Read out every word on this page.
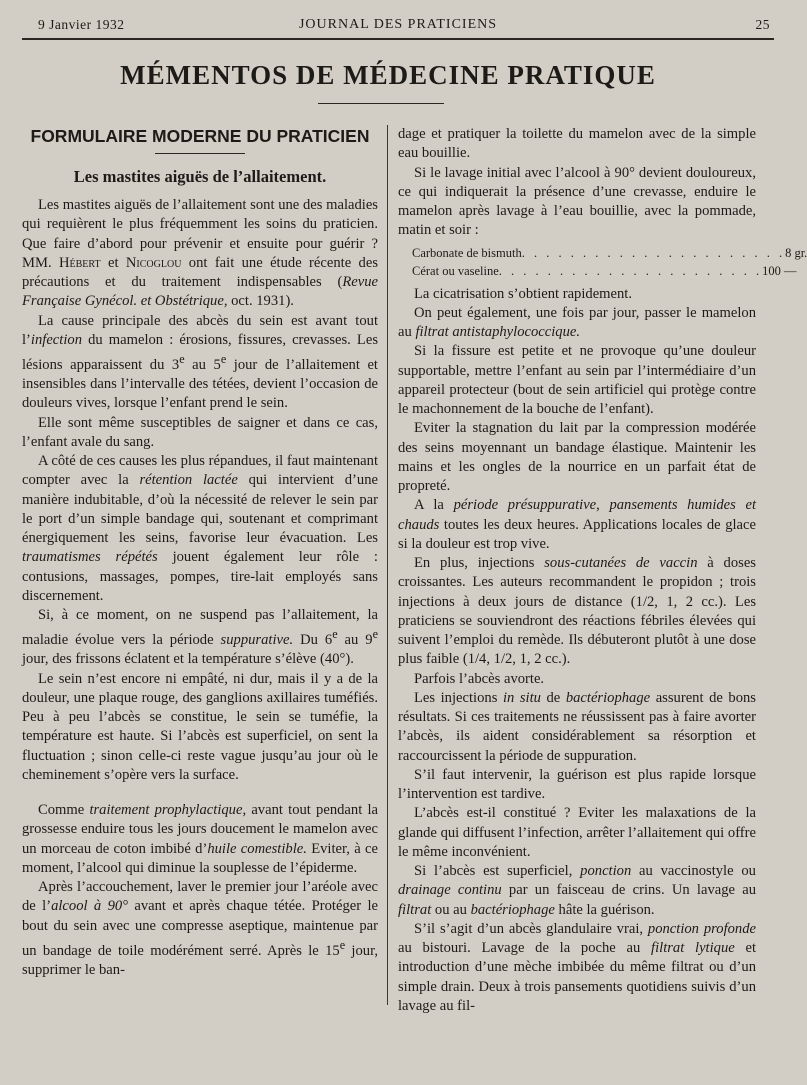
9 Janvier 1932	JOURNAL DES PRATICIENS	25
MÉMENTOS DE MÉDECINE PRATIQUE
FORMULAIRE MODERNE DU PRATICIEN
Les mastites aiguës de l’allaitement.

Les mastites aiguës de l’allaitement sont une des maladies qui requièrent le plus fréquemment les soins du praticien. Que faire d’abord pour prévenir et ensuite pour guérir ? MM. Hébert et Nicoglou ont fait une étude récente des précautions et du traitement indispensables (Revue Française Gynécol. et Obstétrique, oct. 1931).

La cause principale des abcès du sein est avant tout l’infection du mamelon : érosions, fissures, crevasses. Les lésions apparaissent du 3e au 5e jour de l’allaitement et insensibles dans l’intervalle des tétées, devient l’occasion de douleurs vives, lorsque l’enfant prend le sein.

Elle sont même susceptibles de saigner et dans ce cas, l’enfant avale du sang.

A côté de ces causes les plus répandues, il faut maintenant compter avec la rétention lactée qui intervient d’une manière indubitable, d’où la nécessité de relever le sein par le port d’un simple bandage qui, soutenant et comprimant énergiquement les seins, favorise leur évacuation. Les traumatismes répétés jouent également leur rôle : contusions, massages, pompes, tire-lait employés sans discernement.

Si, à ce moment, on ne suspend pas l’allaitement, la maladie évolue vers la période suppurative. Du 6e au 9e jour, des frissons éclatent et la température s’élève (40°).

Le sein n’est encore ni empâté, ni dur, mais il y a de la douleur, une plaque rouge, des ganglions axillaires tuméfiés. Peu à peu l’abcès se constitue, le sein se tuméfie, la température est haute. Si l’abcès est superficiel, on sent la fluctuation ; sinon celle-ci reste vague jusqu’au jour où le cheminement s’opère vers la surface.

Comme traitement prophylactique, avant tout pendant la grossesse enduire tous les jours doucement le mamelon avec un morceau de coton imbibé d’huile comestible. Eviter, à ce moment, l’alcool qui diminue la souplesse de l’épiderme.

Après l’accouchement, laver le premier jour l’aréole avec de l’alcool à 90° avant et après chaque tétée. Protéger le bout du sein avec une compresse aseptique, maintenue par un bandage de toile modérément serré. Après le 15e jour, supprimer le ban-

dage et pratiquer la toilette du mamelon avec de la simple eau bouillie.

Si le lavage initial avec l’alcool à 90° devient douloureux, ce qui indiquerait la présence d’une crevasse, enduire le mamelon après lavage à l’eau bouillie, avec la pommade, matin et soir :

Carbonate de bismuth . . . . . . . . . . . . . . . . . . . . . . 8 gr.
Cérat ou vaseline . . . . . . . . . . . . . . . . . . . . . . 100 —

La cicatrisation s’obtient rapidement.

On peut également, une fois par jour, passer le mamelon au filtrat antistaphylococcique.

Si la fissure est petite et ne provoque qu’une douleur supportable, mettre l’enfant au sein par l’intermédiaire d’un appareil protecteur (bout de sein artificiel qui protège contre le machonnement de la bouche de l’enfant).

Eviter la stagnation du lait par la compression modérée des seins moyennant un bandage élastique. Maintenir les mains et les ongles de la nourrice en un parfait état de propreté.

A la période présuppurative, pansements humides et chauds toutes les deux heures. Applications locales de glace si la douleur est trop vive.

En plus, injections sous-cutanées de vaccin à doses croissantes. Les auteurs recommandent le propidon ; trois injections à deux jours de distance (1/2, 1, 2 cc.). Les praticiens se souviendront des réactions fébriles élevées qui suivent l’emploi du remède. Ils débuteront plutôt à une dose plus faible (1/4, 1/2, 1, 2 cc.).

Parfois l’abcès avorte.

Les injections in situ de bactériophage assurent de bons résultats. Si ces traitements ne réussissent pas à faire avorter l’abcès, ils aident considérablement sa résorption et raccourcissent la période de suppuration.

S’il faut intervenir, la guérison est plus rapide lorsque l’intervention est tardive.

L’abcès est-il constitué ? Eviter les malaxations de la glande qui diffusent l’infection, arrêter l’allaitement qui offre le même inconvénient.

Si l’abcès est superficiel, ponction au vaccinostyle ou drainage continu par un faisceau de crins. Un lavage au filtrat ou au bactériophage hâte la guérison.

S’il s’agit d’un abcès glandulaire vrai, ponction profonde au bistouri. Lavage de la poche au filtrat lytique et introduction d’une mèche imbibée du même filtrat ou d’un simple drain. Deux à trois pansements quotidiens suivis d’un lavage au fil-
